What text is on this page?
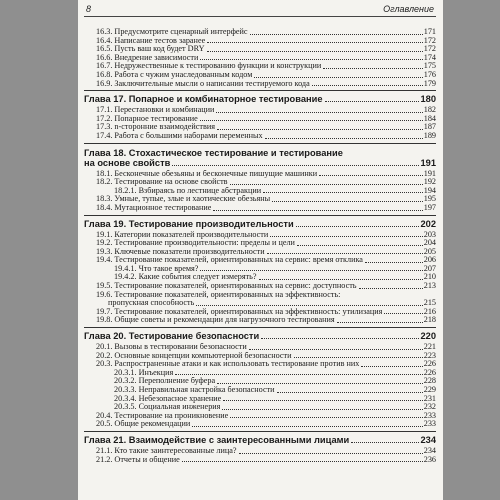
8	Оглавление
16.3. Предусмотрите сценарный интерфейс	171
16.4. Написание тестов заранее	172
16.5. Пусть ваш код будет DRY	172
16.6. Внедрение зависимости	174
16.7. Недружественные к тестированию функции и конструкции	175
16.8. Работа с чужим унаследованным кодом	176
16.9. Заключительные мысли о написании тестируемого кода	179
Глава 17. Попарное и комбинаторное тестирование	180
17.1. Перестановки и комбинации	182
17.2. Попарное тестирование	184
17.3. n-сторонние взаимодействия	187
17.4. Работа с большими наборами переменных	189
Глава 18. Стохастическое тестирование и тестирование
на основе свойств	191
18.1. Бесконечные обезьяны и бесконечные пишущие машинки	191
18.2. Тестирование на основе свойств	192
18.2.1. Взбираясь по лестнице абстракции	194
18.3. Умные, тупые, злые и хаотические обезьяны	195
18.4. Мутационное тестирование	197
Глава 19. Тестирование производительности	202
19.1. Категории показателей производительности	203
19.2. Тестирование производительности: пределы и цели	204
19.3. Ключевые показатели производительности	205
19.4. Тестирование показателей, ориентированных на сервис: время отклика	206
19.4.1. Что такое время?	207
19.4.2. Какие события следует измерять?	210
19.5. Тестирование показателей, ориентированных на сервис: доступность	213
19.6. Тестирование показателей, ориентированных на эффективность:
пропускная способность	215
19.7. Тестирование показателей, ориентированных на эффективность: утилизация	216
19.8. Общие советы и рекомендации для нагрузочного тестирования	218
Глава 20. Тестирование безопасности	220
20.1. Вызовы в тестировании безопасности	221
20.2. Основные концепции компьютерной безопасности	223
20.3. Распространенные атаки и как использовать тестирование против них	226
20.3.1. Инъекция	226
20.3.2. Переполнение буфера	228
20.3.3. Неправильная настройка безопасности	229
20.3.4. Небезопасное хранение	231
20.3.5. Социальная инженерия	232
20.4. Тестирование на проникновение	233
20.5. Общие рекомендации	233
Глава 21. Взаимодействие с заинтересованными лицами	234
21.1. Кто такие заинтересованные лица?	234
21.2. Отчеты и общение	236
